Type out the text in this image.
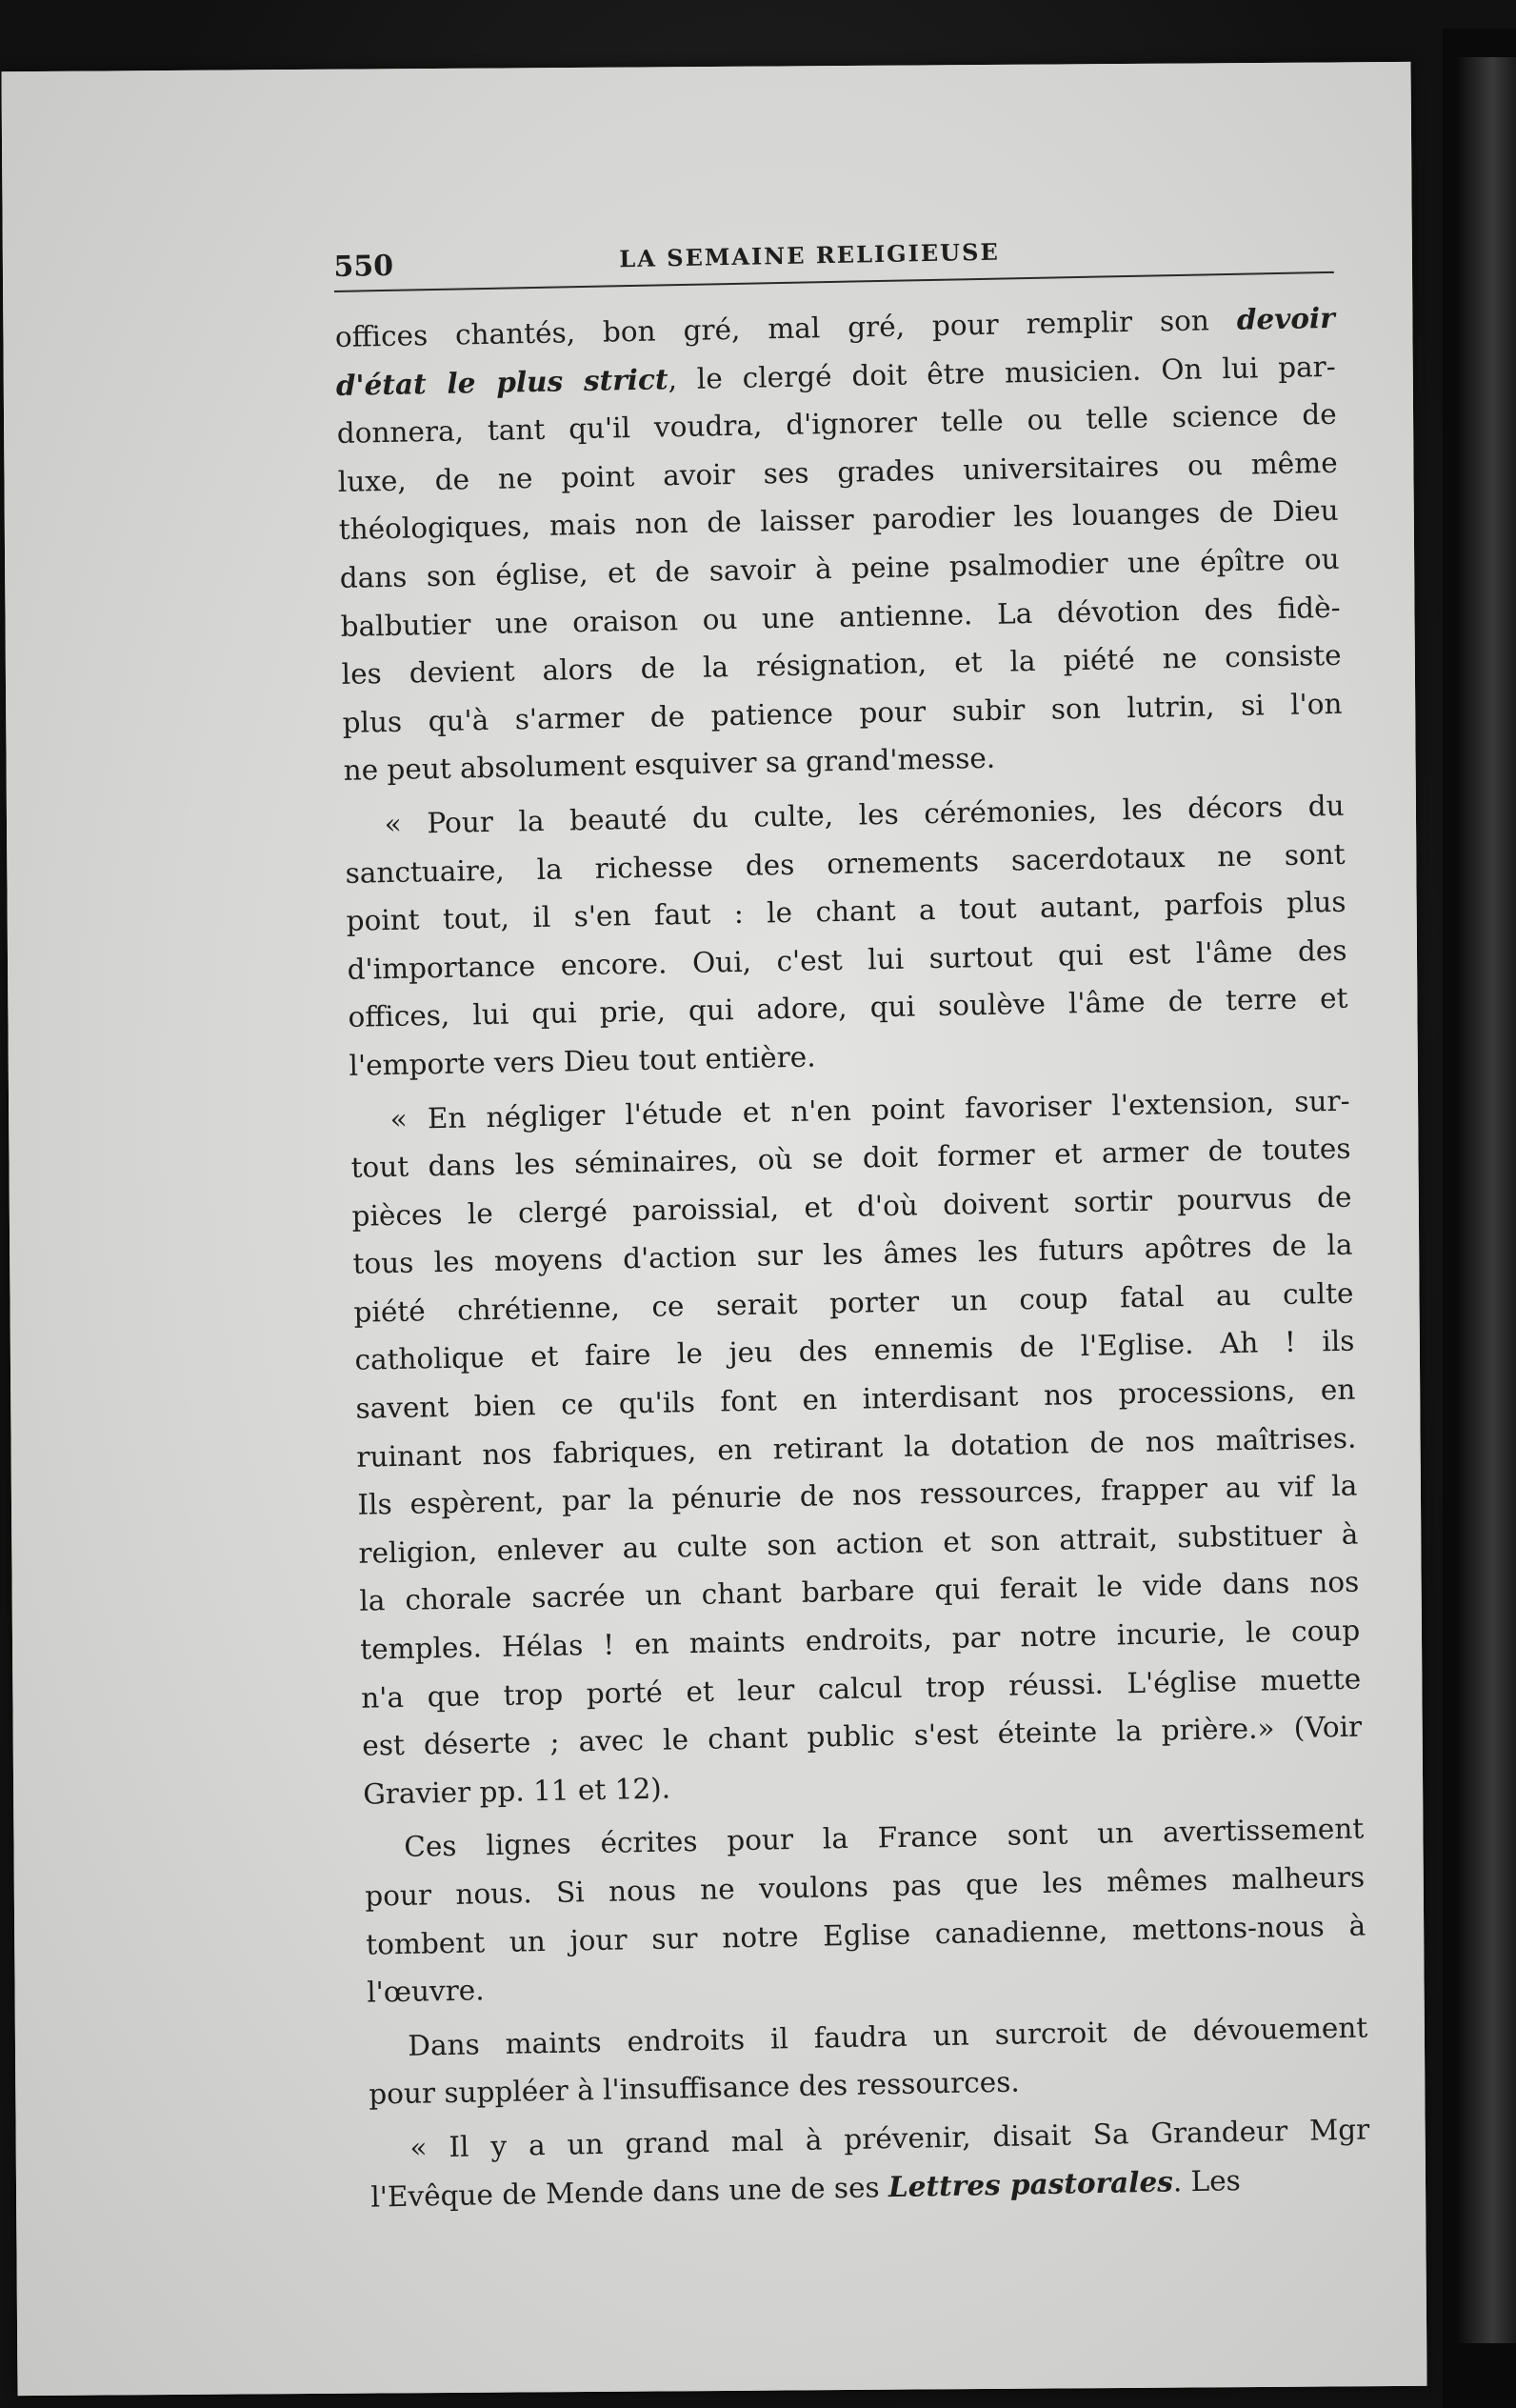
550	LA SEMAINE RELIGIEUSE

offices chantés, bon gré, mal gré, pour remplir son devoir
d'état le plus strict, le clergé doit être musicien. On lui par-
donnera, tant qu'il voudra, d'ignorer telle ou telle science de
luxe, de ne point avoir ses grades universitaires ou même
théologiques, mais non de laisser parodier les louanges de Dieu
dans son église, et de savoir à peine psalmodier une épître ou
balbutier une oraison ou une antienne. La dévotion des fidè-
les devient alors de la résignation, et la piété ne consiste
plus qu'à s'armer de patience pour subir son lutrin, si l'on
ne peut absolument esquiver sa grand'messe.

« Pour la beauté du culte, les cérémonies, les décors du
sanctuaire, la richesse des ornements sacerdotaux ne sont
point tout, il s'en faut : le chant a tout autant, parfois plus
d'importance encore. Oui, c'est lui surtout qui est l'âme des
offices, lui qui prie, qui adore, qui soulève l'âme de terre et
l'emporte vers Dieu tout entière.

« En négliger l'étude et n'en point favoriser l'extension, sur-
tout dans les séminaires, où se doit former et armer de toutes
pièces le clergé paroissial, et d'où doivent sortir pourvus de
tous les moyens d'action sur les âmes les futurs apôtres de la
piété chrétienne, ce serait porter un coup fatal au culte
catholique et faire le jeu des ennemis de l'Eglise. Ah ! ils
savent bien ce qu'ils font en interdisant nos processions, en
ruinant nos fabriques, en retirant la dotation de nos maîtrises.
Ils espèrent, par la pénurie de nos ressources, frapper au vif la
religion, enlever au culte son action et son attrait, substituer à
la chorale sacrée un chant barbare qui ferait le vide dans nos
temples. Hélas ! en maints endroits, par notre incurie, le coup
n'a que trop porté et leur calcul trop réussi. L'église muette
est déserte ; avec le chant public s'est éteinte la prière.» (Voir
Gravier pp. 11 et 12).

Ces lignes écrites pour la France sont un avertissement
pour nous. Si nous ne voulons pas que les mêmes malheurs
tombent un jour sur notre Eglise canadienne, mettons-nous à
l'œuvre.

Dans maints endroits il faudra un surcroit de dévouement
pour suppléer à l'insuffisance des ressources.

« Il y a un grand mal à prévenir, disait Sa Grandeur Mgr
l'Evêque de Mende dans une de ses Lettres pastorales. Les
